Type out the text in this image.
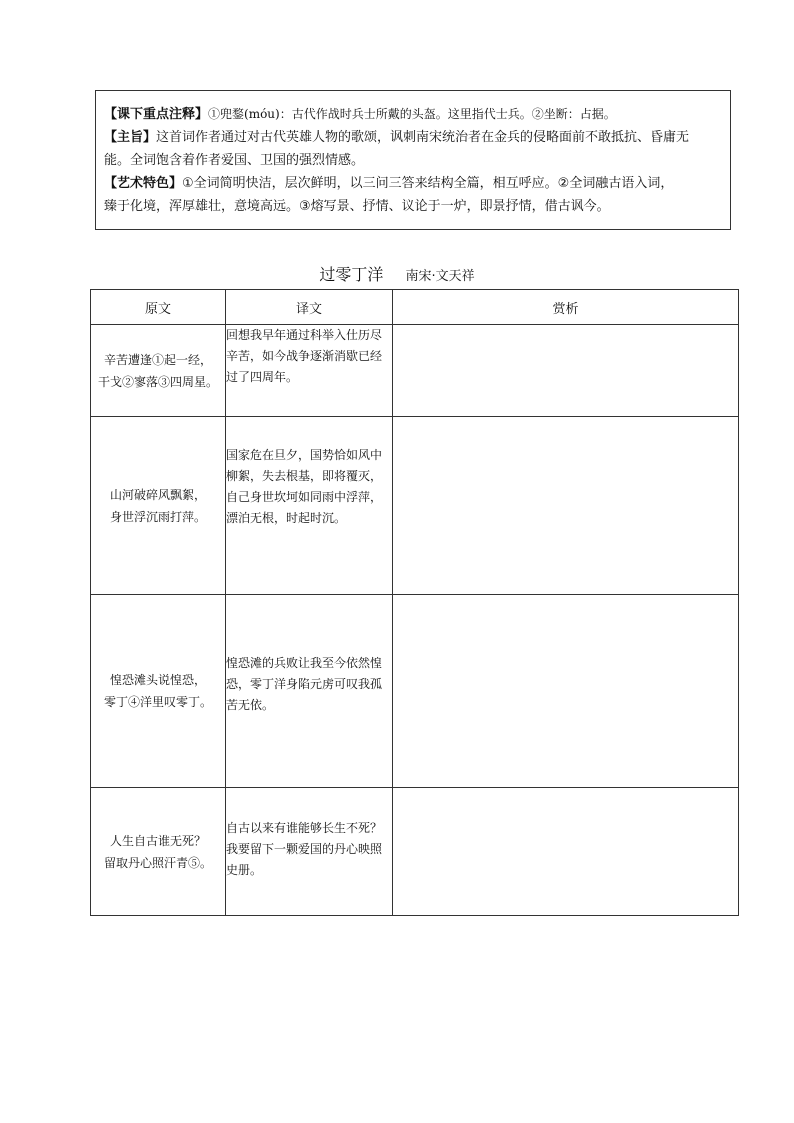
【课下重点注释】①兜鍪(móu)：古代作战时兵士所戴的头盔。这里指代士兵。②坐断：占据。

【主旨】这首词作者通过对古代英雄人物的歌颂，讽刺南宋统治者在金兵的侵略面前不敢抵抗、昏庸无

能。全词饱含着作者爱国、卫国的强烈情感。

【艺术特色】①全词简明快洁，层次鲜明，以三问三答来结构全篇，相互呼应。②全词融古语入词，

臻于化境，浑厚雄壮，意境高远。③熔写景、抒情、议论于一炉，即景抒情，借古讽今。

过零丁洋 南宋·文天祥
原文	译文	赏析
辛苦遭逢①起一经，
干戈②寥落③四周星。	回想我早年通过科举入仕历尽辛苦，如今战争逐渐消歇已经过了四周年。	
山河破碎风飘絮，
身世浮沉雨打萍。	国家危在旦夕，国势恰如风中柳絮，失去根基，即将覆灭，自己身世坎坷如同雨中浮萍，漂泊无根，时起时沉。	
惶恐滩头说惶恐，
零丁④洋里叹零丁。	惶恐滩的兵败让我至今依然惶恐，零丁洋身陷元虏可叹我孤苦无依。	
人生自古谁无死？
留取丹心照汗青⑤。	自古以来有谁能够长生不死？我要留下一颗爱国的丹心映照史册。	
